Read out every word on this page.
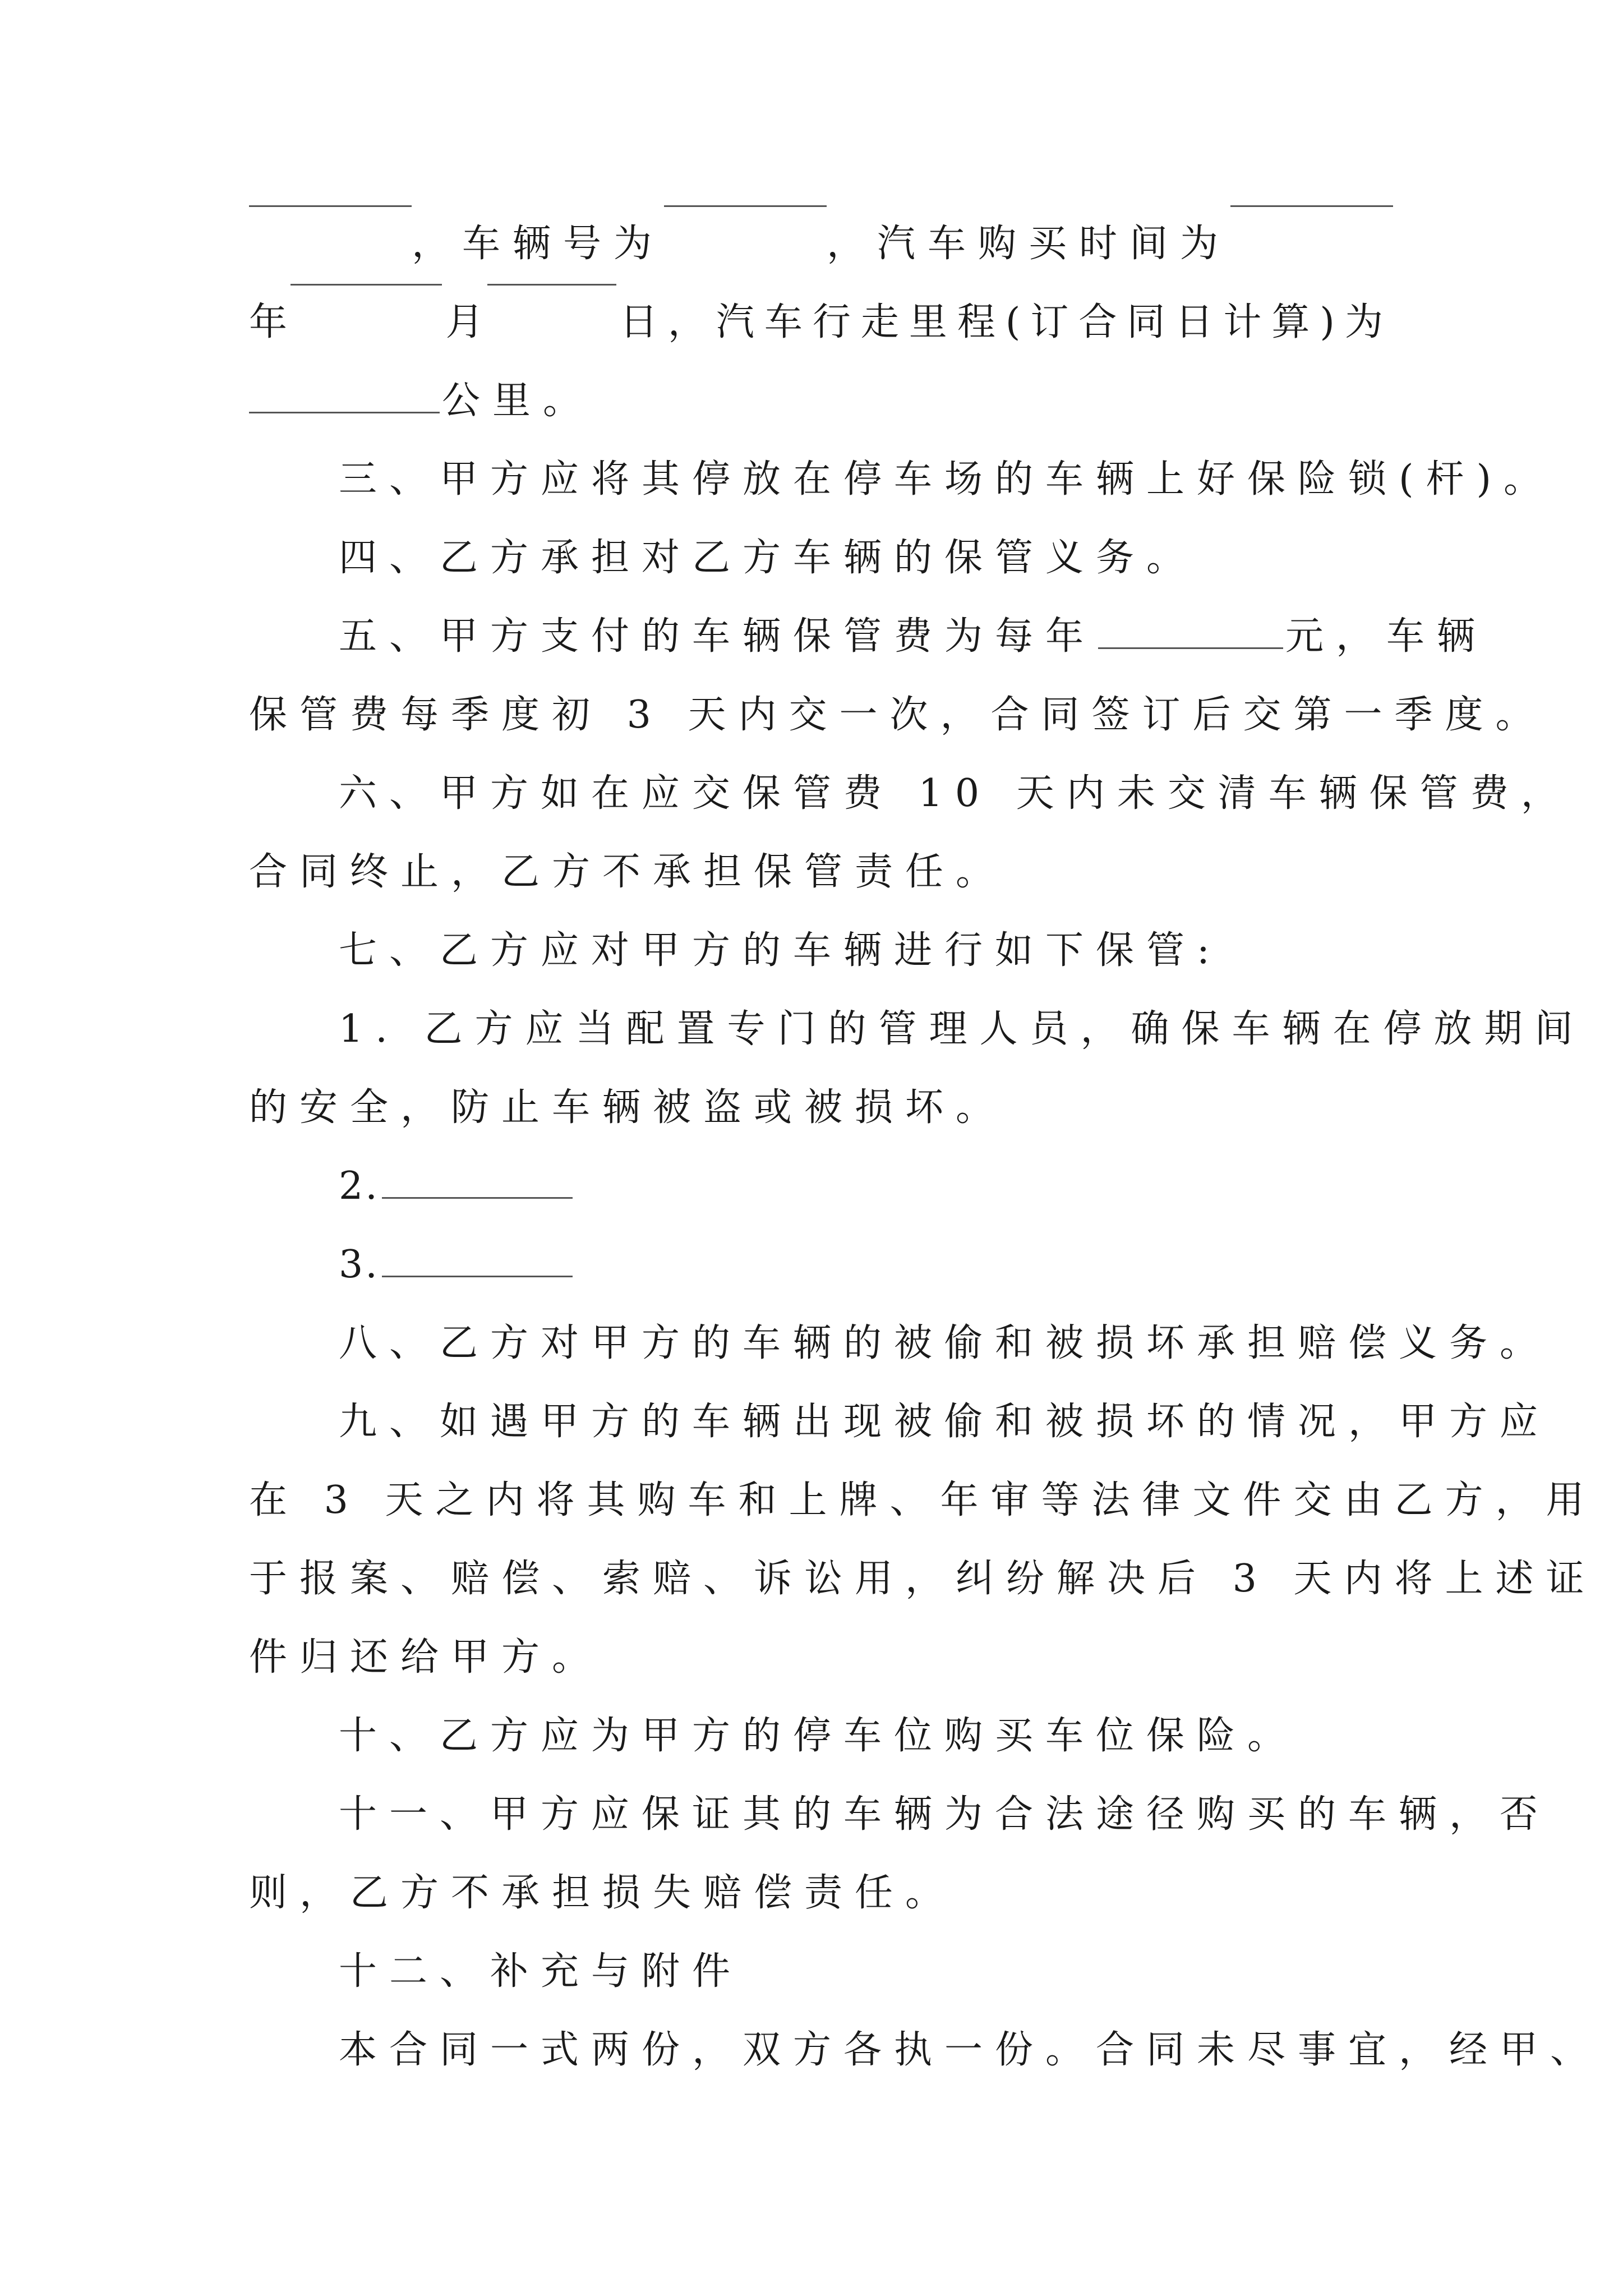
，车辆号为	，汽车购买时间为
年	月	日，汽车行走里程(订合同日计算)为
公里。
三、甲方应将其停放在停车场的车辆上好保险锁(杆)。
四、乙方承担对乙方车辆的保管义务。
五、甲方支付的车辆保管费为每年	元，车辆
保管费每季度初 3 天内交一次，合同签订后交第一季度。
六、甲方如在应交保管费 10 天内未交清车辆保管费，
合同终止，乙方不承担保管责任。
七、乙方应对甲方的车辆进行如下保管:
1. 乙方应当配置专门的管理人员，确保车辆在停放期间
的安全，防止车辆被盗或被损坏。
2.
3.
八、乙方对甲方的车辆的被偷和被损坏承担赔偿义务。
九、如遇甲方的车辆出现被偷和被损坏的情况，甲方应
在 3 天之内将其购车和上牌、年审等法律文件交由乙方，用
于报案、赔偿、索赔、诉讼用，纠纷解决后 3 天内将上述证
件归还给甲方。
十、乙方应为甲方的停车位购买车位保险。
十一、甲方应保证其的车辆为合法途径购买的车辆，否
则，乙方不承担损失赔偿责任。
十二、补充与附件
本合同一式两份，双方各执一份。合同未尽事宜，经甲、
